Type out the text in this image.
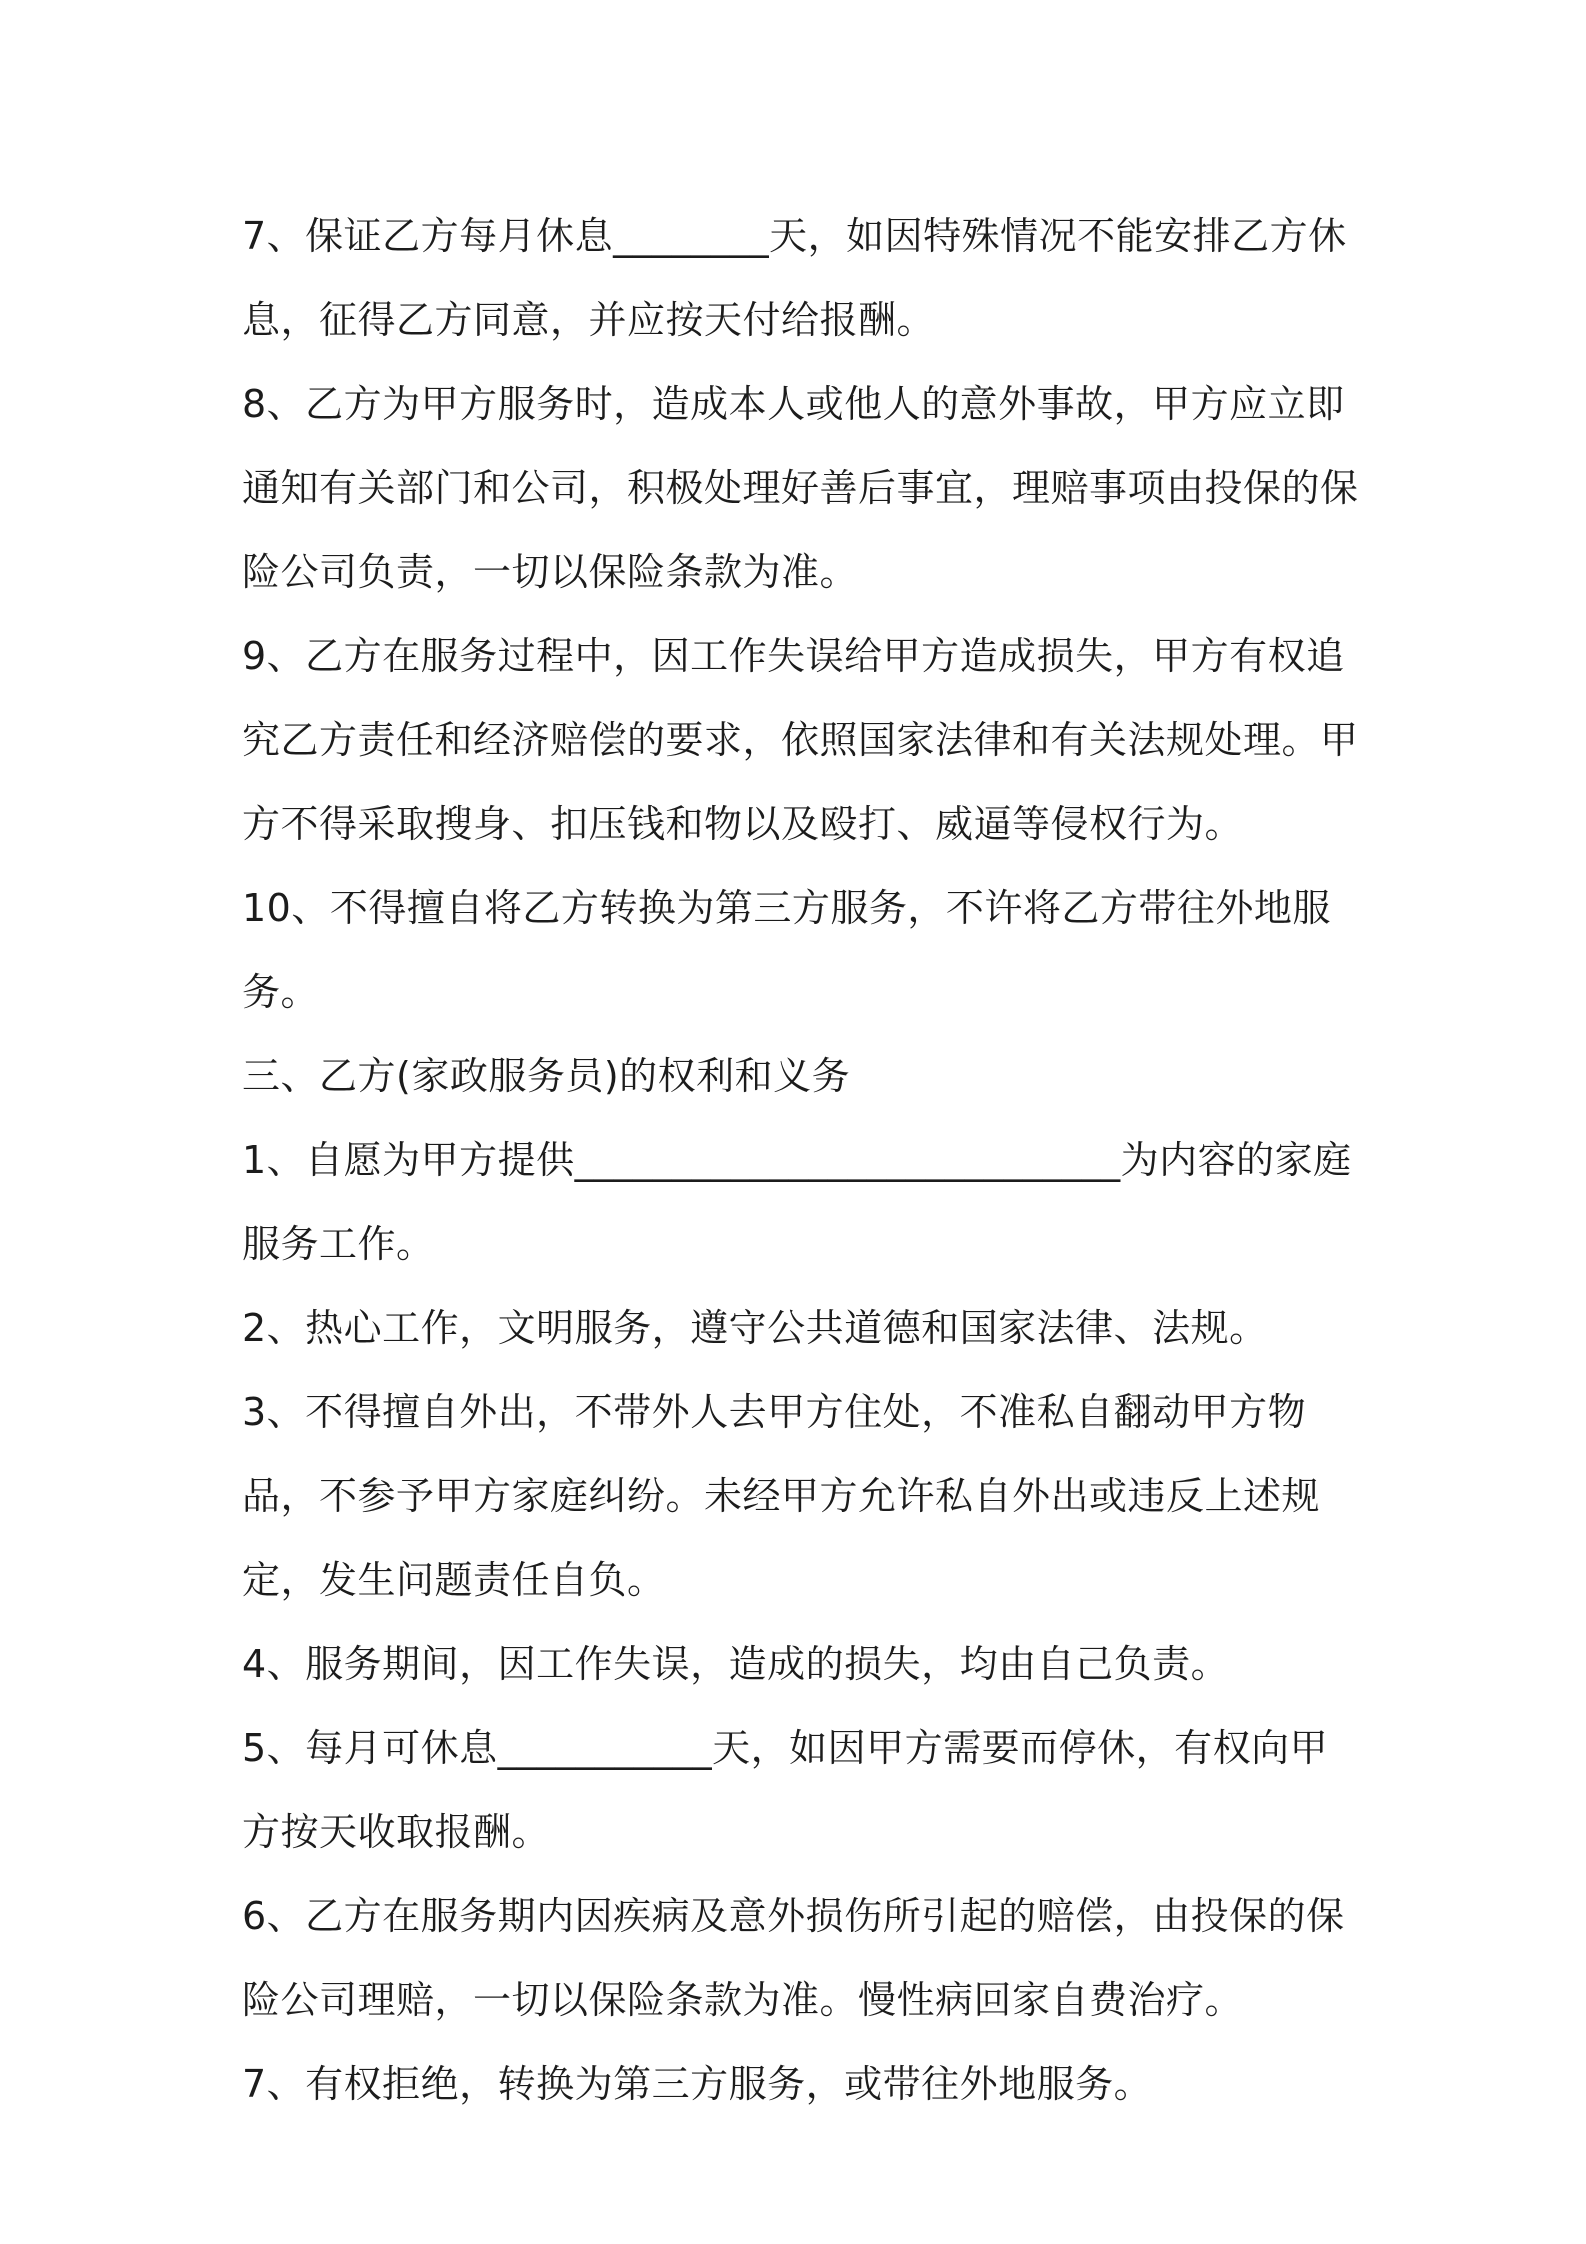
7、保证乙方每月休息________天，如因特殊情况不能安排乙方休息，征得乙方同意，并应按天付给报酬。

8、乙方为甲方服务时，造成本人或他人的意外事故，甲方应立即通知有关部门和公司，积极处理好善后事宜，理赔事项由投保的保险公司负责，一切以保险条款为准。

9、乙方在服务过程中，因工作失误给甲方造成损失，甲方有权追究乙方责任和经济赔偿的要求，依照国家法律和有关法规处理。甲方不得采取搜身、扣压钱和物以及殴打、威逼等侵权行为。

10、不得擅自将乙方转换为第三方服务，不许将乙方带往外地服务。

三、乙方(家政服务员)的权利和义务

1、自愿为甲方提供____________________________为内容的家庭服务工作。

2、热心工作，文明服务，遵守公共道德和国家法律、法规。

3、不得擅自外出，不带外人去甲方住处，不准私自翻动甲方物品，不参予甲方家庭纠纷。未经甲方允许私自外出或违反上述规定，发生问题责任自负。

4、服务期间，因工作失误，造成的损失，均由自己负责。

5、每月可休息___________天，如因甲方需要而停休，有权向甲方按天收取报酬。

6、乙方在服务期内因疾病及意外损伤所引起的赔偿，由投保的保险公司理赔，一切以保险条款为准。慢性病回家自费治疗。

7、有权拒绝，转换为第三方服务，或带往外地服务。
